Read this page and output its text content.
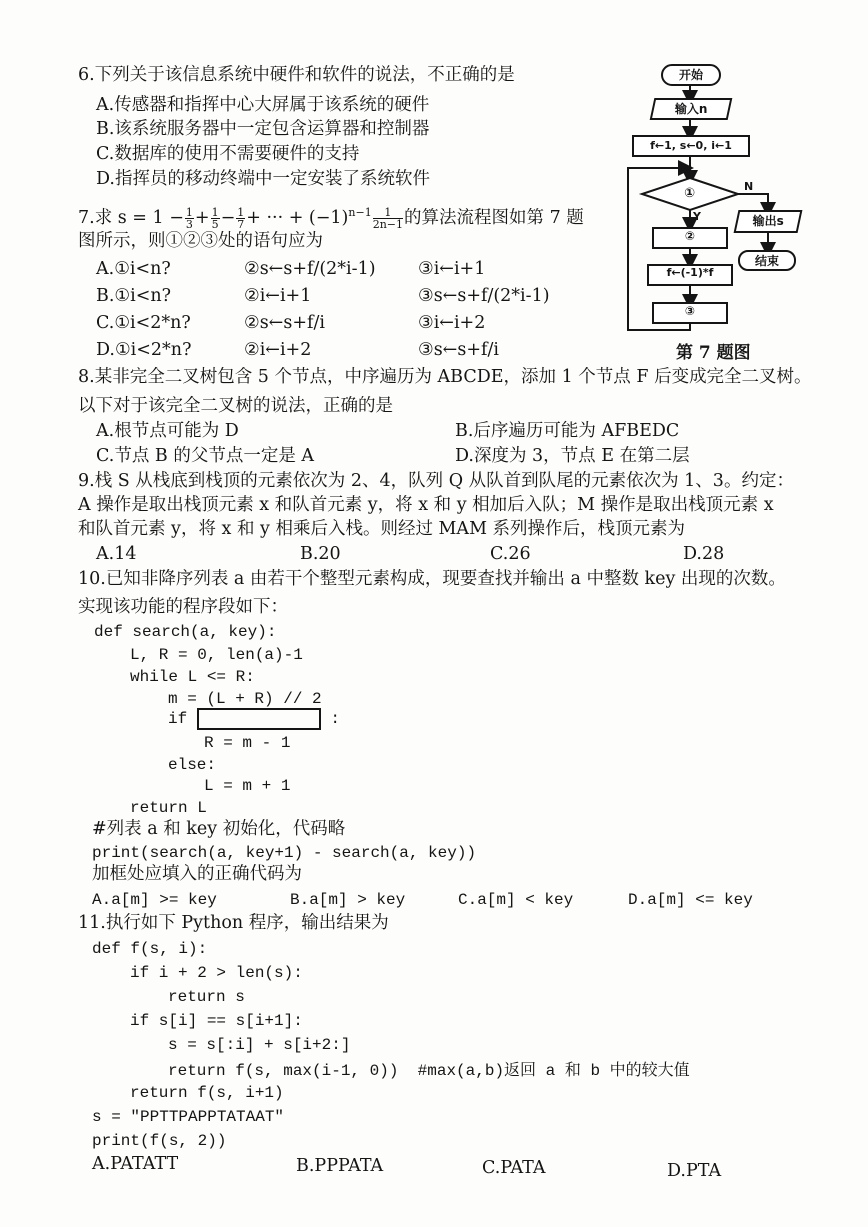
6.下列关于该信息系统中硬件和软件的说法，不正确的是
A.传感器和指挥中心大屏属于该系统的硬件
B.该系统服务器中一定包含运算器和控制器
C.数据库的使用不需要硬件的支持
D.指挥员的移动终端中一定安装了系统软件
7.求 $s = 1 - \frac{1}{3} + \frac{1}{5} - \frac{1}{7}$ + ··· + $(-1)^{n-1} \frac{1}{2n-1}$ 的算法流程图如第 7 题
图所示，则①②③处的语句应为
A.①i<n?	②s←s+f/(2*i-1) ③i←i+1
B.①i<n?	②i←i+1	③s←s+f/(2*i-1)
C.①i<2*n?	②s←s+f/i	③i←i+2
D.①i<2*n?	②i←i+2	③s←s+f/i
开始
输入n
f←1, s←0, i←1
①
Y
N
输出s
结束
②
f←(-1)*f
③
第 7 题图
8.某非完全二叉树包含 5 个节点，中序遍历为 ABCDE，添加 1 个节点 F 后变成完全二叉树。
以下对于该完全二叉树的说法，正确的是
A.根节点可能为 D	B.后序遍历可能为 AFBEDC
C.节点 B 的父节点一定是 A	D.深度为 3，节点 E 在第二层
9.栈 S 从栈底到栈顶的元素依次为 2、4，队列 Q 从队首到队尾的元素依次为 1、3。约定：
A 操作是取出栈顶元素 x 和队首元素 y，将 x 和 y 相加后入队；M 操作是取出栈顶元素 x
和队首元素 y，将 x 和 y 相乘后入栈。则经过 MAM 系列操作后，栈顶元素为
A.14	B.20	C.26	D.28
10.已知非降序列表 a 由若干个整型元素构成，现要查找并输出 a 中整数 key 出现的次数。
实现该功能的程序段如下：
def search(a, key):
L, R = 0, len(a)-1
while L <= R:
m = (L + R) // 2
if	:
R = m - 1
else:
L = m + 1
return L
#列表 a 和 key 初始化，代码略
print(search(a, key+1) - search(a, key))
加框处应填入的正确代码为
A.a[m] >= key	B.a[m] > key	C.a[m] < key	D.a[m] <= key
11.执行如下 Python 程序，输出结果为
def f(s, i):
if i + 2 > len(s):
return s
if s[i] == s[i+1]:
s = s[:i] + s[i+2:]
return f(s, max(i-1, 0))  #max(a,b)返回 a 和 b 中的较大值
return f(s, i+1)
s = "PPTTPAPPTATAAT"
print(f(s, 2))
A.PATATT	B.PPPATA	C.PATA	D.PTA
